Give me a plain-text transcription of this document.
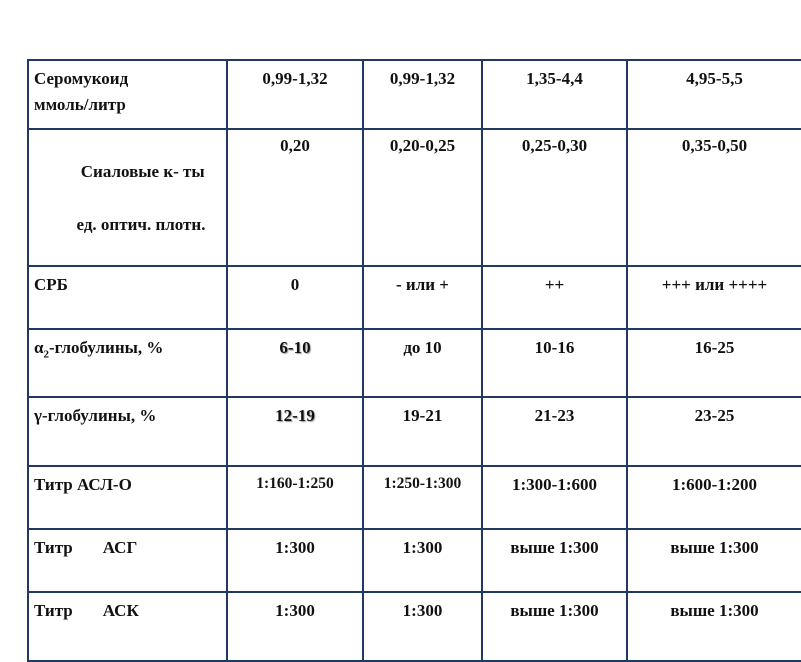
Серомукоид
ммоль/литр	0,99-1,32	0,99-1,32	1,35-4,4	4,95-5,5

Сиаловые к- ты

ед. оптич. плотн.	0,20	0,20-0,25	0,25-0,30	0,35-0,50
СРБ	0	- или +	++	+++ или ++++
$\alpha_2$-глобулины, %	6-10	до 10	10-16	16-25
γ-глобулины, %	12-19	19-21	21-23	23-25
Титр АСЛ-О	1:160-1:250	1:250-1:300	1:300-1:600	1:600-1:200
Титр АСГ	1:300	1:300	выше 1:300	выше 1:300
Титр АСК	1:300	1:300	выше 1:300	выше 1:300
